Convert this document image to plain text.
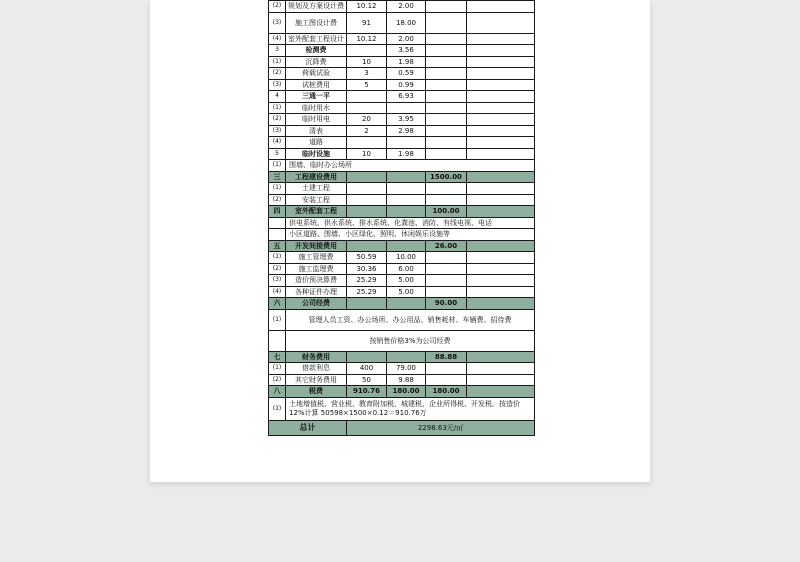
(2)	规划及方案设计费	10.12	2.00		
(3)	施工图设计费	91	18.00		
(4)	室外配套工程设计	10.12	2.00		
3	检测费		3.56		
(1)	沉降费	10	1.98		
(2)	荷载试验	3	0.59		
(3)	试桩费用	5	0.99		
4	三通一平		6.93		
(1)	临时用水				
(2)	临时用电	20	3.95		
(3)	清表	2	2.98		
(4)	道路				
5	临时设施	10	1.98		
(1)	围墙、临时办公场所				
三	工程建设费用			1500.00	
(1)	土建工程				
(2)	安装工程				
四	室外配套工程			100.00	
	供电系统、供水系统、排水系统、化粪池、消防、有线电视、电话				
	小区道路、围墙、小区绿化、照明、休闲娱乐设施等				
五	开发间接费用			26.00	
(1)	施工管理费	50.59	10.00		
(2)	施工监理费	30.36	6.00		
(3)	造价预决算费	25.29	5.00		
(4)	各种证件办理	25.29	5.00		
六	公司经费			90.00	
(1)	管理人员工资、办公场所、办公用品、销售耗材、车辆费、招待费				
	按销售价格3%为公司经费				
七	财务费用			88.88	
(1)	借款利息	400	79.00		
(2)	其它财务费用	50	9.88		
八	税费	910.76	180.00	180.00	
(1)	土地增值税、营业税、教育附加税、城建税、企业所得税、开发税。按造价12%计算 50598×1500×0.12＝910.76万				
总计		2298.63元/㎡			
